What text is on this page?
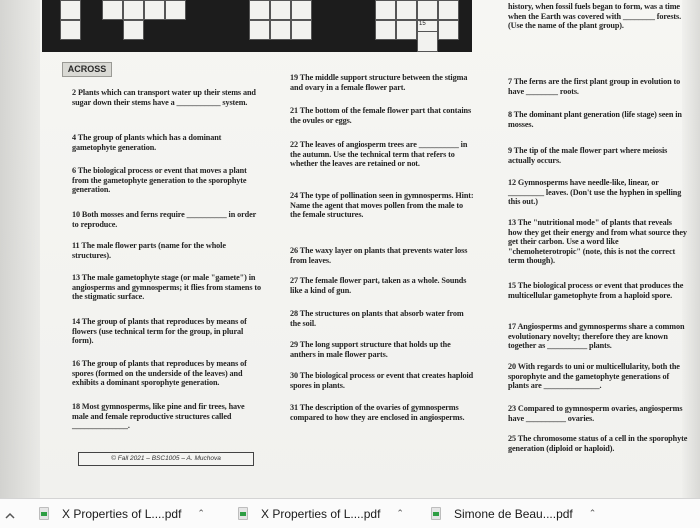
15
ACROSS
2 Plants which can transport water up their stems and sugar down their stems have a ___________ system.
4 The group of plants which has a dominant gametophyte generation.
6 The biological process or event that moves a plant from the gametophyte generation to the sporophyte generation.
10 Both mosses and ferns require __________ in order to reproduce.
11 The male flower parts (name for the whole structures).
13 The male gametophyte stage (or male "gamete") in angiosperms and gymnosperms; it flies from stamens to the stigmatic surface.
14 The group of plants that reproduces by means of flowers (use technical term for the group, in plural form).
16 The group of plants that reproduces by means of spores (formed on the underside of the leaves) and exhibits a dominant sporophyte generation.
18 Most gymnosperms, like pine and fir trees, have male and female reproductive structures called ______________.
19 The middle support structure between the stigma and ovary in a female flower part.
21 The bottom of the female flower part that contains the ovules or eggs.
22 The leaves of angiosperm trees are __________ in the autumn. Use the technical term that refers to whether the leaves are retained or not.
24 The type of pollination seen in gymnosperms. Hint: Name the agent that moves pollen from the male to the female structures.
26 The waxy layer on plants that prevents water loss from leaves.
27 The female flower part, taken as a whole. Sounds like a kind of gun.
28 The structures on plants that absorb water from the soil.
29 The long support structure that holds up the anthers in male flower parts.
30 The biological process or event that creates haploid spores in plants.
31 The description of the ovaries of gymnosperms compared to how they are enclosed in angiosperms.
history, when fossil fuels began to form, was a time when the Earth was covered with ________ forests. (Use the name of the plant group).
7 The ferns are the first plant group in evolution to have ________ roots.
8 The dominant plant generation (life stage) seen in mosses.
9 The tip of the male flower part where meiosis actually occurs.
12 Gymnosperms have needle-like, linear, or _________ leaves. (Don't use the hyphen in spelling this out.)
13 The "nutritional mode" of plants that reveals how they get their energy and from what source they get their carbon. Use a word like "chemoheterotropic" (note, this is not the correct term though).
15 The biological process or event that produces the multicellular gametophyte from a haploid spore.
17 Angiosperms and gymnosperms share a common evolutionary novelty; therefore they are known together as __________ plants.
20 With regards to uni or multicellularity, both the sporophyte and the gametophyte generations of plants are ______________.
23 Compared to gymnosperm ovaries, angiosperms have __________ ovaries.
25 The chromosome status of a cell in the sporophyte generation (diploid or haploid).
© Fall 2021 – BSC1005 – A. Muchova
X Properties of L....pdf ⌃	X Properties of L....pdf ⌃	Simone de Beau....pdf ⌃
